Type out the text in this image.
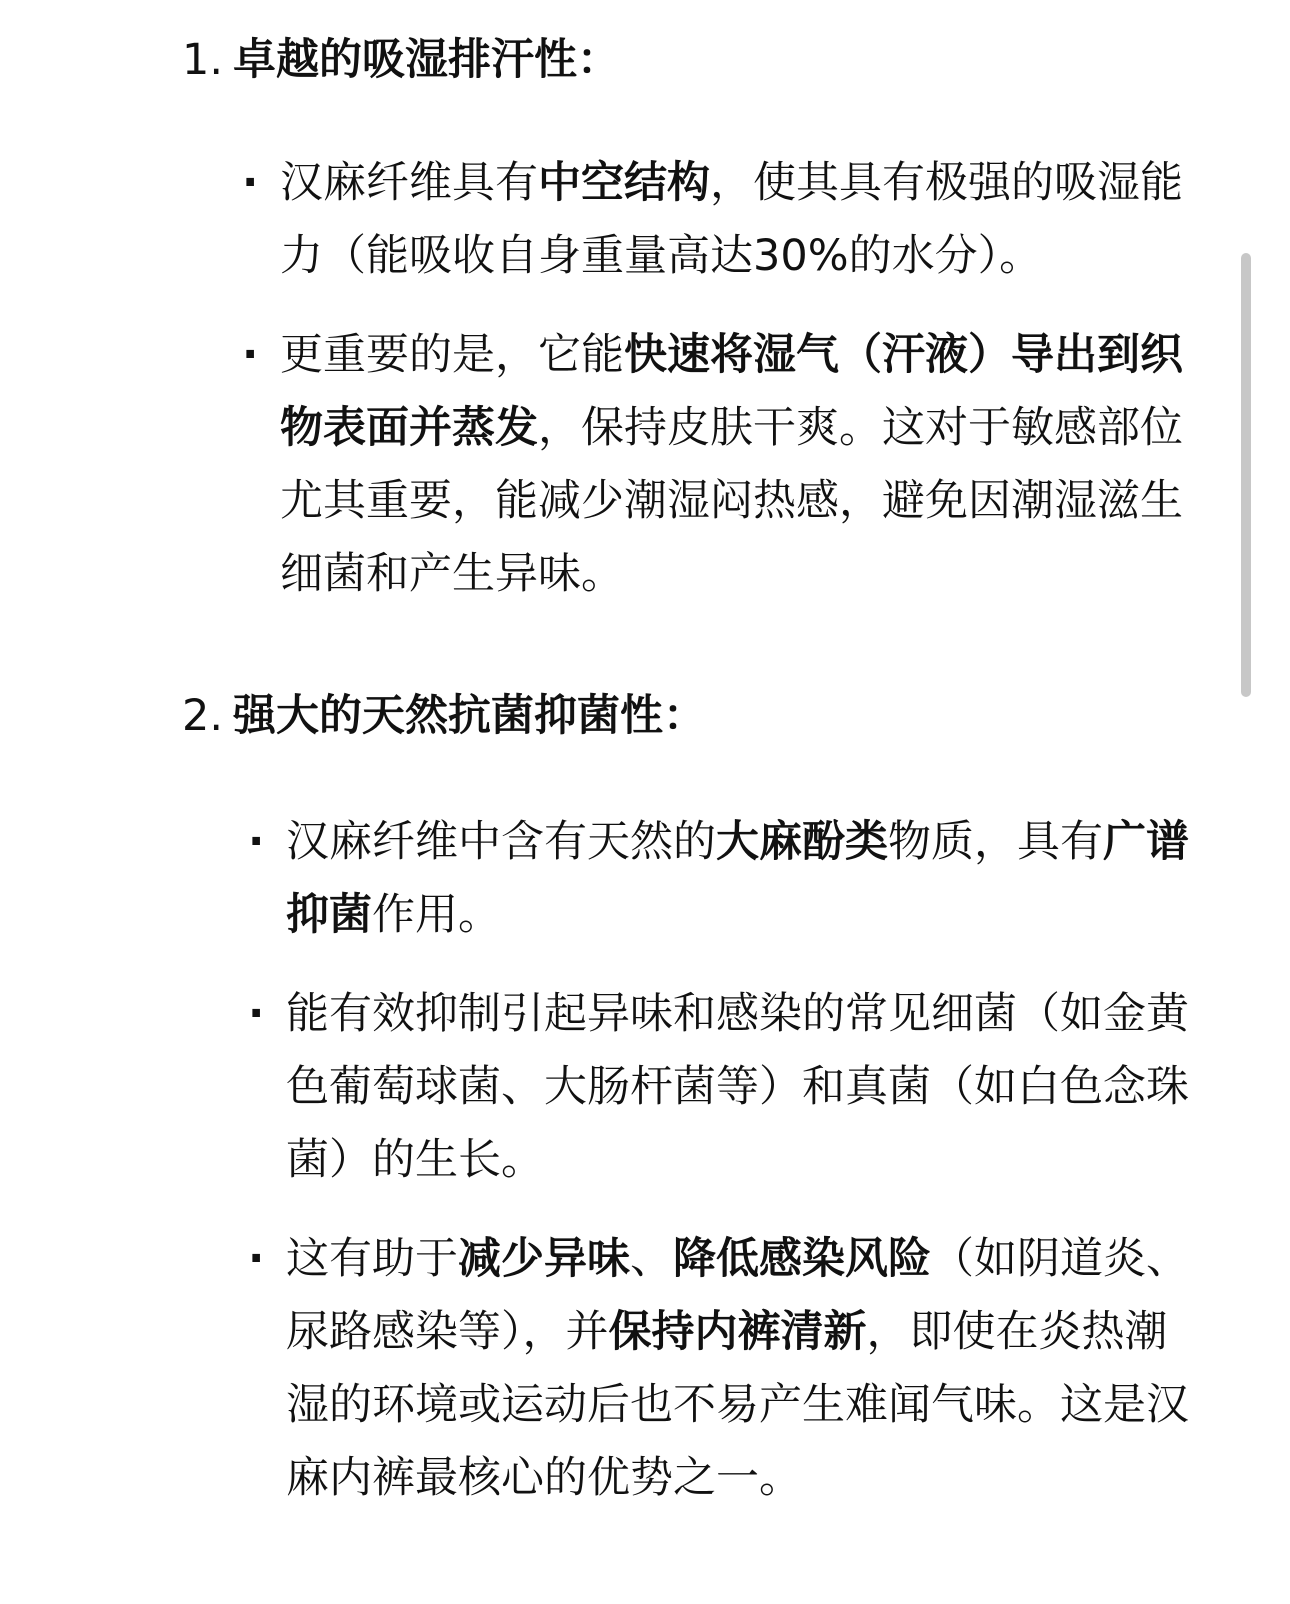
1. 卓越的吸湿排汗性：
· 汉麻纤维具有中空结构，使其具有极强的吸湿能力（能吸收自身重量高达30%的水分）。
· 更重要的是，它能快速将湿气（汗液）导出到织物表面并蒸发，保持皮肤干爽。这对于敏感部位尤其重要，能减少潮湿闷热感，避免因潮湿滋生细菌和产生异味。
2. 强大的天然抗菌抑菌性：
· 汉麻纤维中含有天然的大麻酚类物质，具有广谱抑菌作用。
· 能有效抑制引起异味和感染的常见细菌（如金黄色葡萄球菌、大肠杆菌等）和真菌（如白色念珠菌）的生长。
· 这有助于减少异味、降低感染风险（如阴道炎、尿路感染等），并保持内裤清新，即使在炎热潮湿的环境或运动后也不易产生难闻气味。这是汉麻内裤最核心的优势之一。
